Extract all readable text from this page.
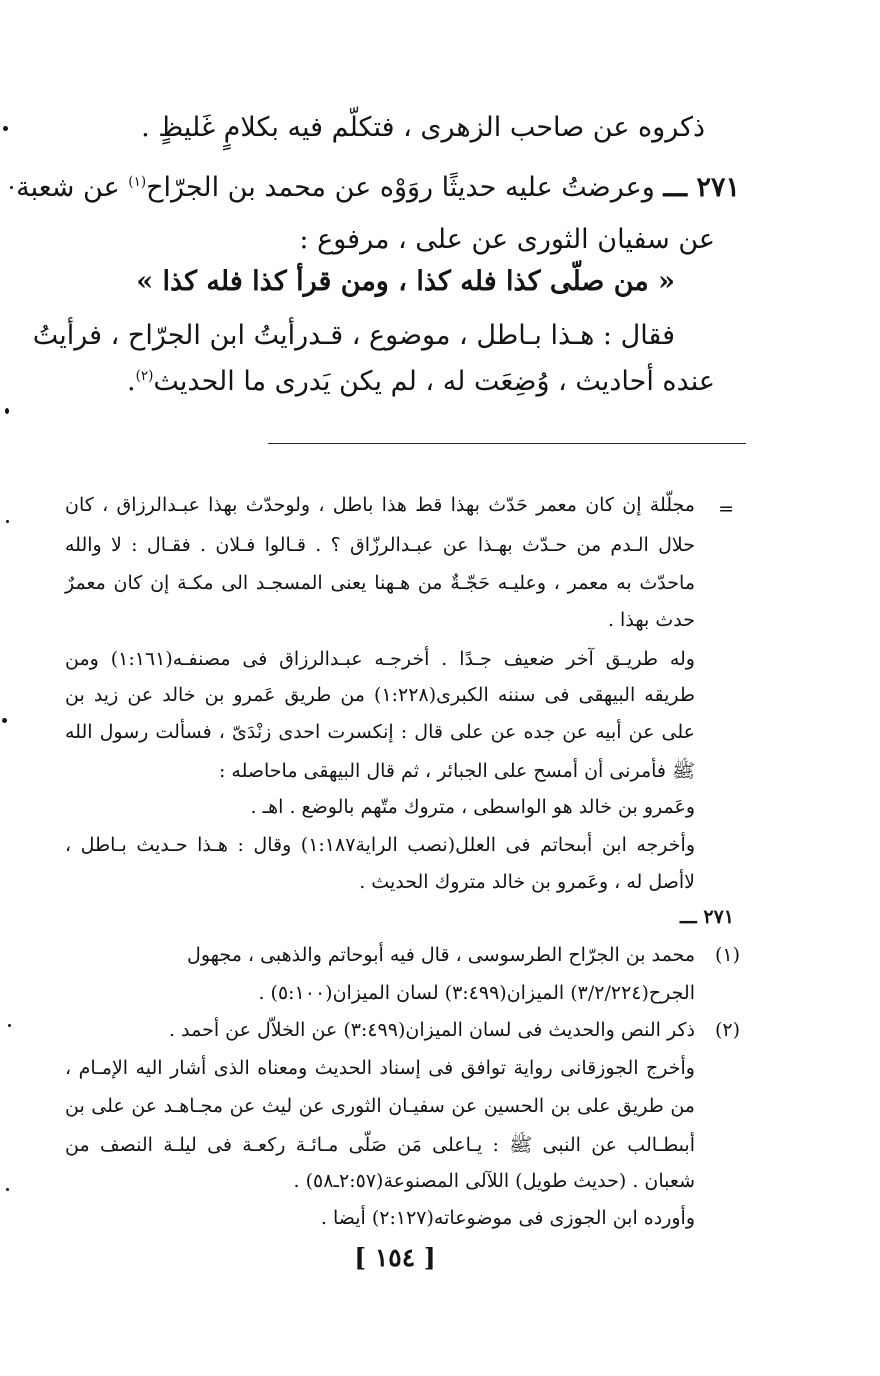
ذكروه عن صاحب الزهرى ، فتكلّم فيه بكلامٍ غَليظٍ .
٢٧١ ـــ وعرضتُ عليه حديثًا روَوْه عن محمد بن الجرّاح$^{(١)}$ عن شعبة
عن سفيان الثورى عن على ، مرفوع :
« من صلّى كذا فله كذا ، ومن قرأ كذا فله كذا »
فقال : هـذا بـاطل ، موضوع ، قـدرأيتُ ابن الجرّاح ، فرأيتُ
عنده أحاديث ، وُضِعَت له ، لم يكن يَدرى ما الحديث$^{(٢)}$.
=
مجلّلة إن كان معمر حَدّث بهذا قط هذا باطل ، ولوحدّث بهذا عبـدالرزاق ، كان
حلال الـدم من حـدّث بهـذا عن عبـدالرزّاق ؟ . قـالوا فـلان . فقـال : لا والله
ماحدّث به معمر ، وعليـه حَجّـةٌ من هـهنا يعنى المسجـد الى مكـة إن كان معمرٌ
حدث بهذا .
وله طريـق آخر ضعيف جـدًا . أخرجـه عبـدالرزاق فى مصنفـه(١:١٦١) ومن
طريقه البيهقى فى سننه الكبرى(١:٢٢٨) من طريق عَمرو بن خالد عن زيد بن
على عن أبيه عن جده عن على قال : إنكسرت احدى زنْدَىّ ، فسألت رسول الله
ﷺ فأمرنى أن أمسح على الجبائر ، ثم قال البيهقى ماحاصله :
وعَمرو بن خالد هو الواسطى ، متروك متّهم بالوضع . اهـ .
وأخرجه ابن أبىحاتم فى العلل(نصب الراية١:١٨٧) وقال : هـذا حـديث بـاطل ،
لاأصل له ، وعَمرو بن خالد متروك الحديث .
٢٧١ ـــ
(١)
محمد بن الجرّاح الطرسوسى ، قال فيه أبوحاتم والذهبى ، مجهول
الجرح(٣/٢/٢٢٤) الميزان(٣:٤٩٩) لسان الميزان(٥:١٠٠) .
(٢)
ذكر النص والحديث فى لسان الميزان(٣:٤٩٩) عن الخلاّل عن أحمد .
وأخرج الجوزقانى رواية توافق فى إسناد الحديث ومعناه الذى أشار اليه الإمـام ،
من طريق على بن الحسين عن سفيـان الثورى عن ليث عن مجـاهـد عن على بن
أبىطـالب عن النبى ﷺ : يـاعلى مَن صَلّى مـائـة ركعـة فى ليلـة النصف من
شعبان . (حديث طويل) اللآلى المصنوعة(٢:٥٧ـ٥٨) .
وأورده ابن الجوزى فى موضوعاته(٢:١٢٧) أيضا .
[ ١٥٤ ]
